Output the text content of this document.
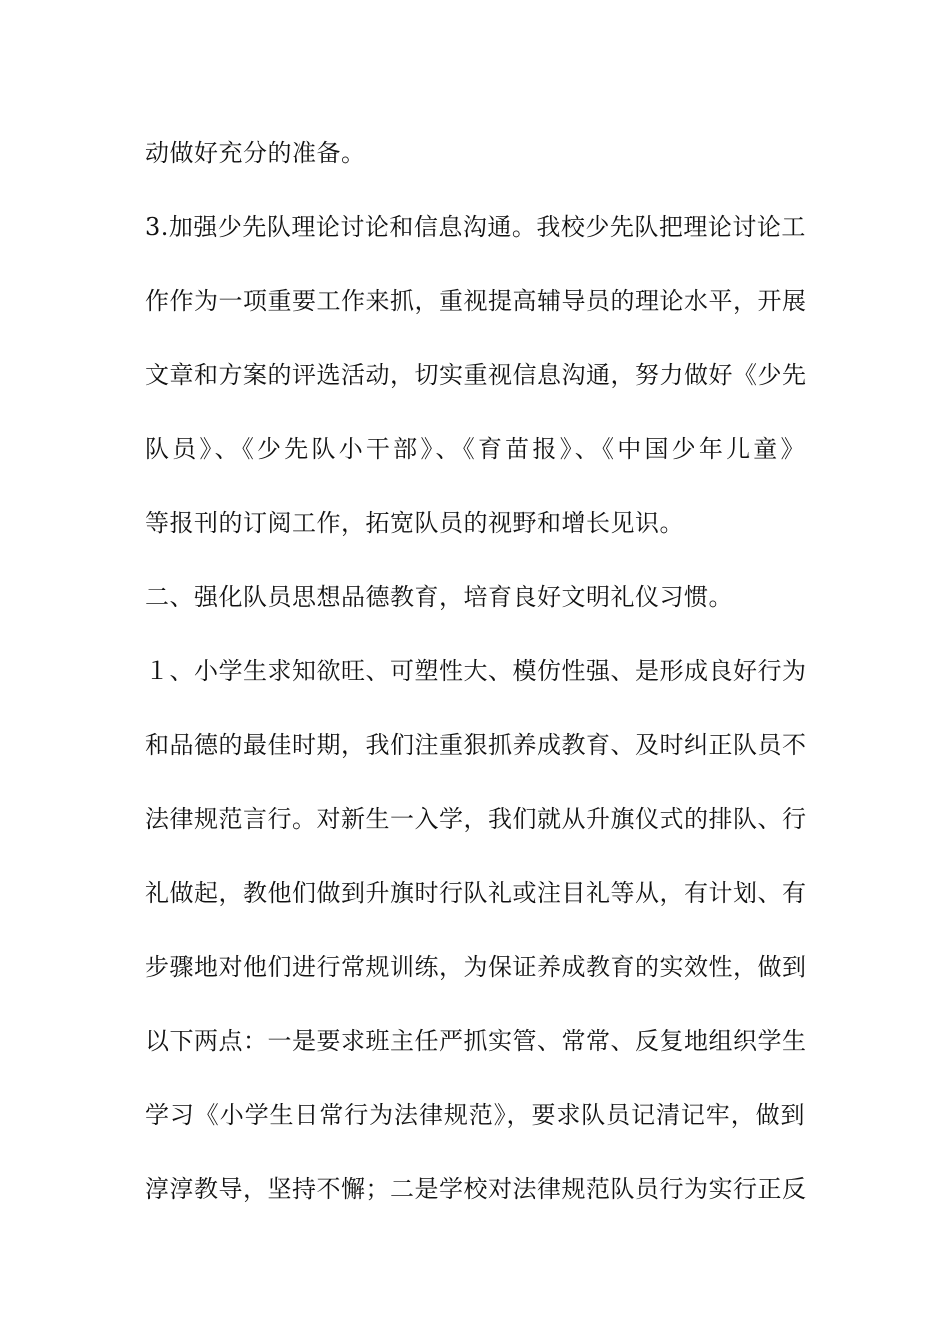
动做好充分的准备。
3.加强少先队理论讨论和信息沟通。我校少先队把理论讨论工
作作为一项重要工作来抓，重视提高辅导员的理论水平，开展
文章和方案的评选活动，切实重视信息沟通，努力做好《少先
队员》、《少先队小干部》、《育苗报》、《中国少年儿童》
等报刊的订阅工作，拓宽队员的视野和增长见识。
二、强化队员思想品德教育，培育良好文明礼仪习惯。
１、小学生求知欲旺、可塑性大、模仿性强、是形成良好行为
和品德的最佳时期，我们注重狠抓养成教育、及时纠正队员不
法律规范言行。对新生一入学，我们就从升旗仪式的排队、行
礼做起，教他们做到升旗时行队礼或注目礼等从，有计划、有
步骤地对他们进行常规训练，为保证养成教育的实效性，做到
以下两点：一是要求班主任严抓实管、常常、反复地组织学生
学习《小学生日常行为法律规范》，要求队员记清记牢，做到
淳淳教导，坚持不懈；二是学校对法律规范队员行为实行正反
